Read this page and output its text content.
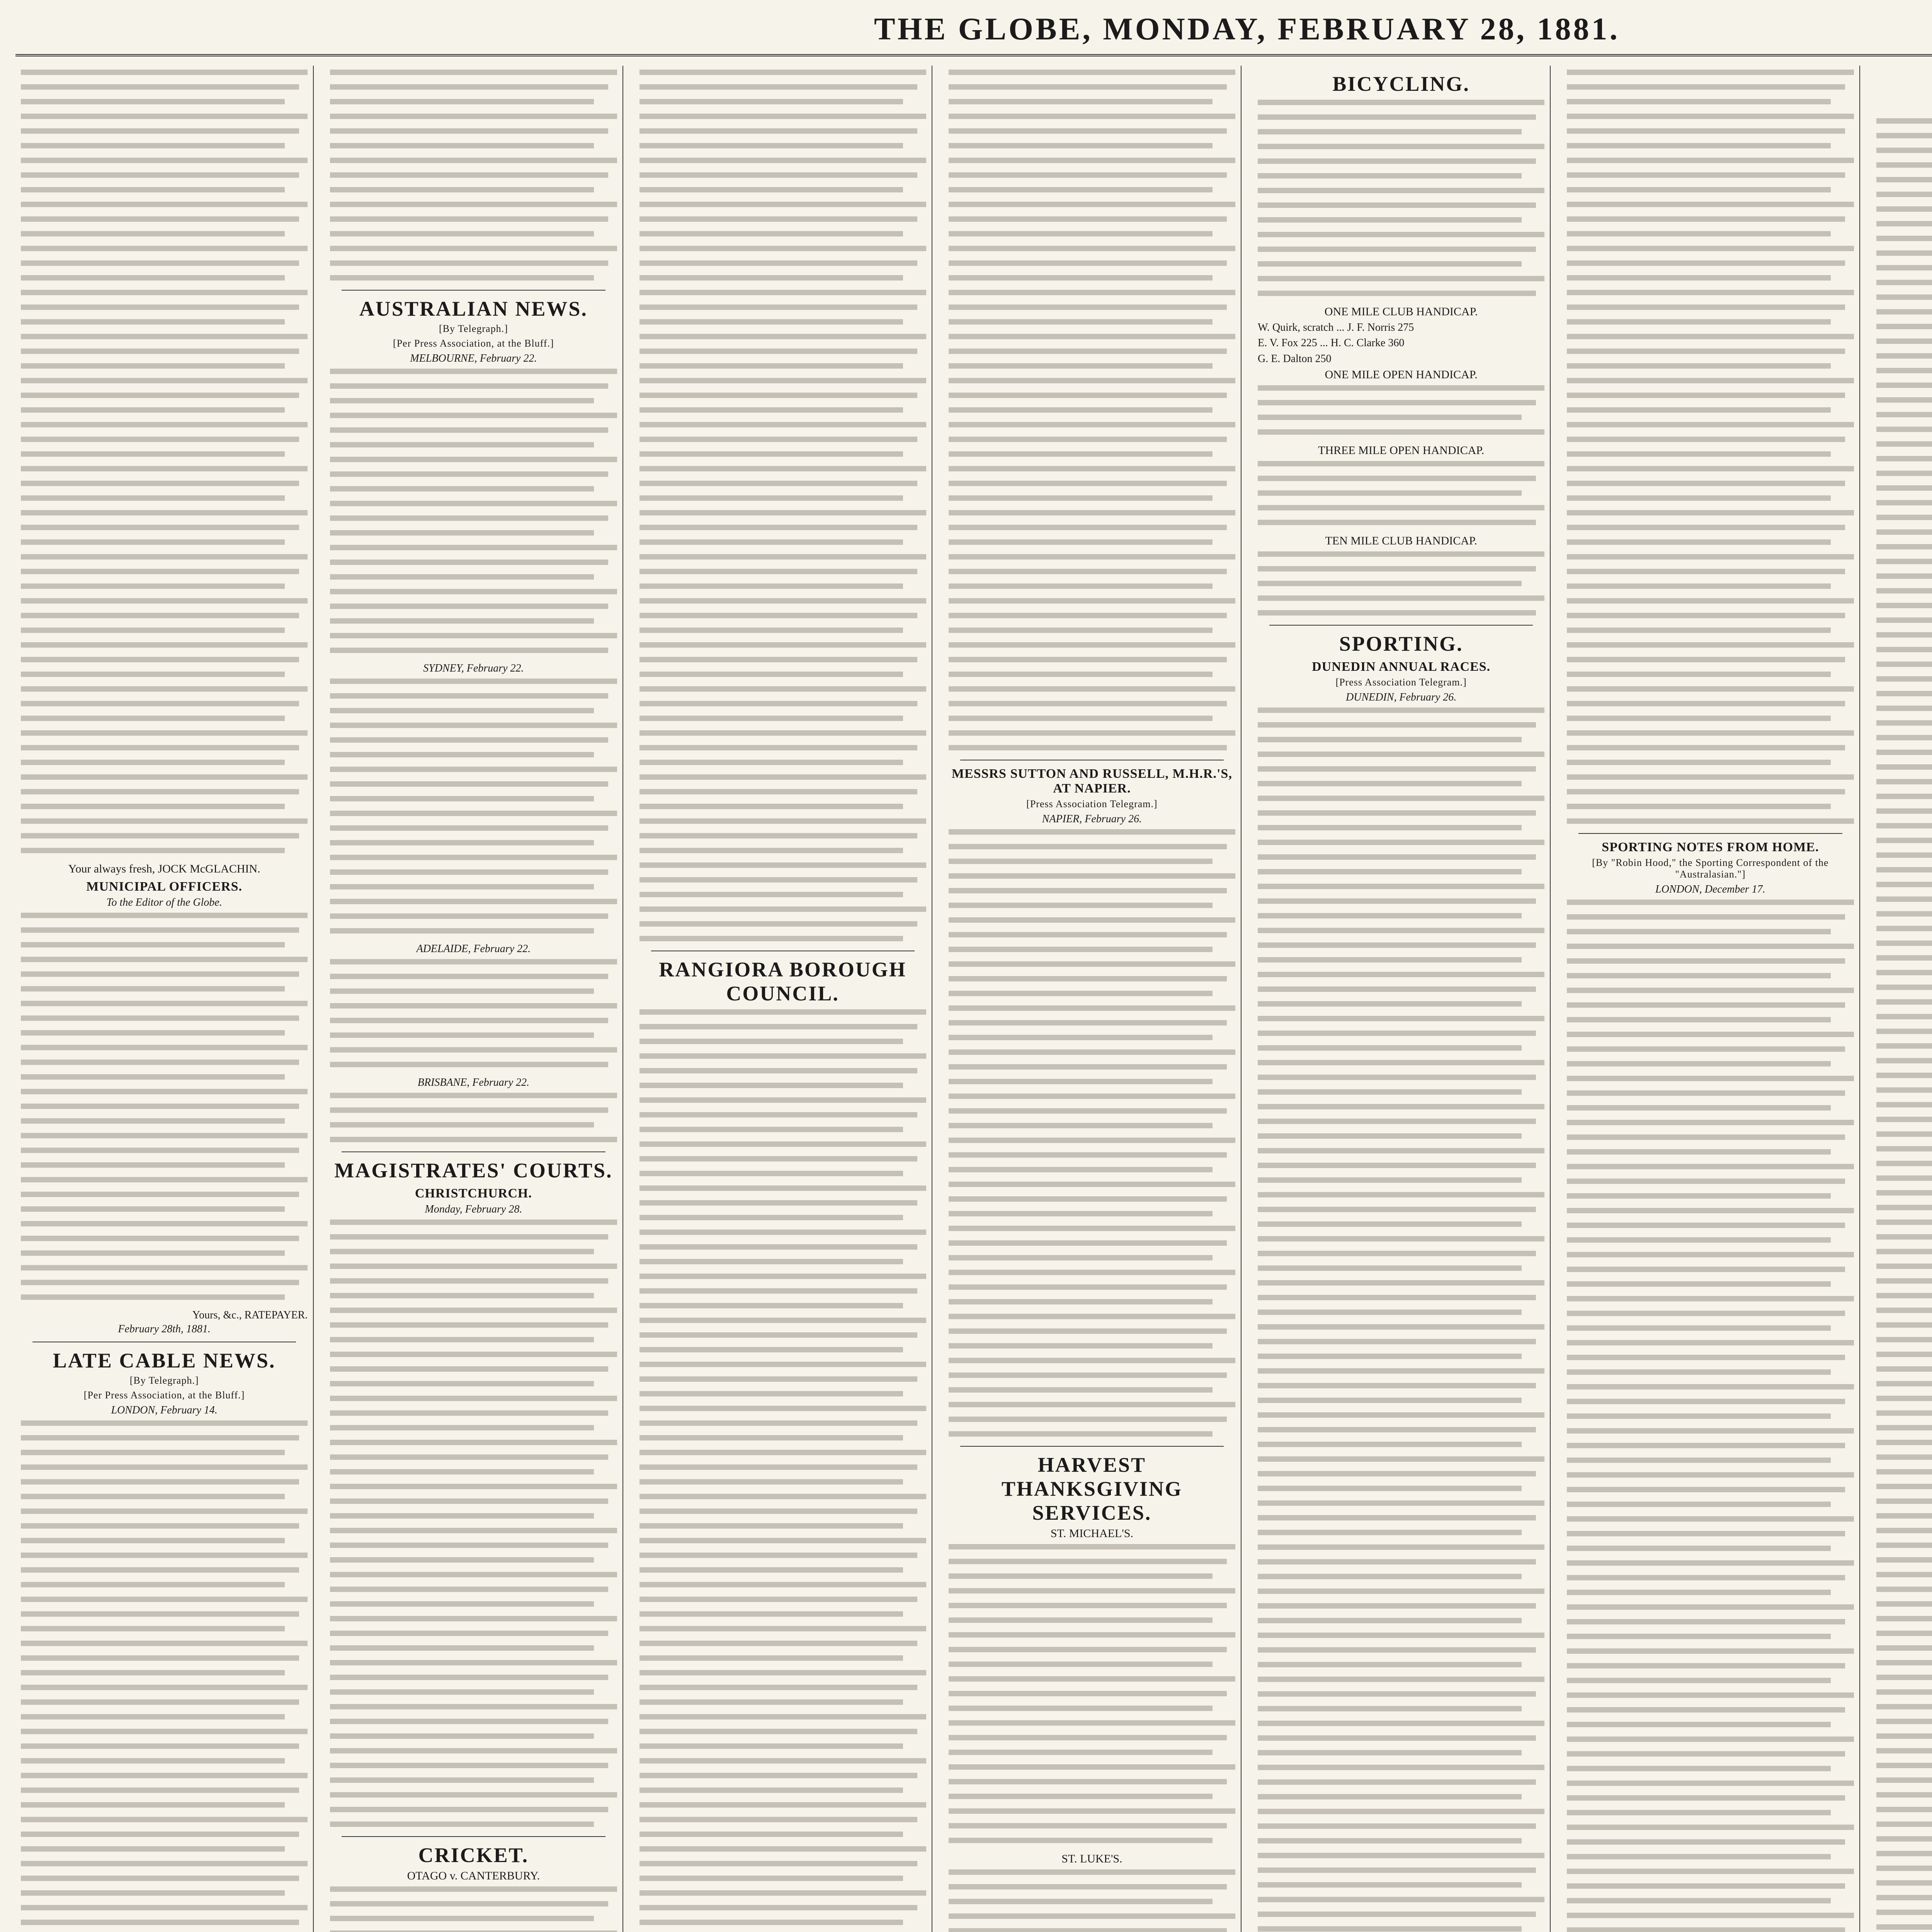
THE GLOBE, MONDAY, FEBRUARY 28, 1881.
Your always fresh, JOCK McGLACHIN.
MUNICIPAL OFFICERS.
To the Editor of the Globe.
Yours, &c., RATEPAYER.
February 28th, 1881.
LATE CABLE NEWS.
[By Telegraph.]
[Per Press Association, at the Bluff.]
LONDON, February 14.
AUSTRALIAN NEWS.
[By Telegraph.]
[Per Press Association, at the Bluff.]
MELBOURNE, February 22.
SYDNEY, February 22.
ADELAIDE, February 22.
BRISBANE, February 22.
MAGISTRATES' COURTS.
CHRISTCHURCH.
Monday, February 28.
CRICKET.
OTAGO v. CANTERBURY.
RANGIORA BOROUGH COUNCIL.
MESSRS SUTTON AND RUSSELL, M.H.R.'S, AT NAPIER.
[Press Association Telegram.]
NAPIER, February 26.
HARVEST THANKSGIVING SERVICES.
ST. MICHAEL'S.
ST. LUKE'S.
BICYCLING.
ONE MILE CLUB HANDICAP.
W. Quirk, scratch ... J. F. Norris 275
E. V. Fox 225 ... H. C. Clarke 360
G. E. Dalton 250
ONE MILE OPEN HANDICAP.
THREE MILE OPEN HANDICAP.
TEN MILE CLUB HANDICAP.
SPORTING.
DUNEDIN ANNUAL RACES.
[Press Association Telegram.]
DUNEDIN, February 26.
SPORTING NOTES FROM HOME.
[By "Robin Hood," the Sporting Correspondent of the "Australasian."]
LONDON, December 17.
